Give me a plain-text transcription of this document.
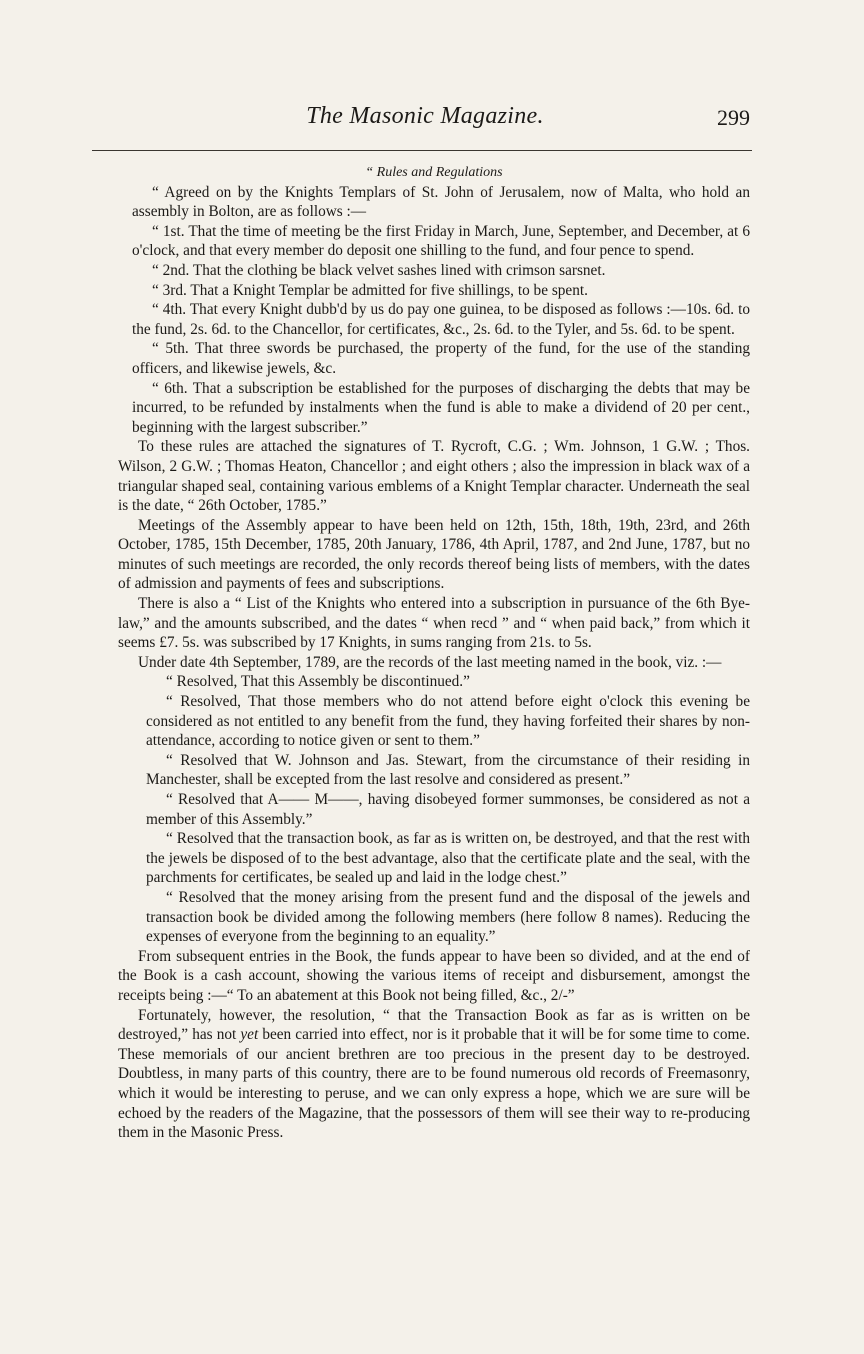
The Masonic Magazine.	299

“ Rules and Regulations

“ Agreed on by the Knights Templars of St. John of Jerusalem, now of Malta, who hold an assembly in Bolton, are as follows :—

“ 1st. That the time of meeting be the first Friday in March, June, September, and December, at 6 o'clock, and that every member do deposit one shilling to the fund, and four pence to spend.

“ 2nd. That the clothing be black velvet sashes lined with crimson sarsnet.

“ 3rd. That a Knight Templar be admitted for five shillings, to be spent.

“ 4th. That every Knight dubb'd by us do pay one guinea, to be disposed as follows :—10s. 6d. to the fund, 2s. 6d. to the Chancellor, for certificates, &c., 2s. 6d. to the Tyler, and 5s. 6d. to be spent.

“ 5th. That three swords be purchased, the property of the fund, for the use of the standing officers, and likewise jewels, &c.

“ 6th. That a subscription be established for the purposes of discharging the debts that may be incurred, to be refunded by instalments when the fund is able to make a dividend of 20 per cent., beginning with the largest subscriber.”

To these rules are attached the signatures of T. Rycroft, C.G. ; Wm. Johnson, 1 G.W. ; Thos. Wilson, 2 G.W. ; Thomas Heaton, Chancellor ; and eight others ; also the impression in black wax of a triangular shaped seal, containing various emblems of a Knight Templar character. Underneath the seal is the date, “ 26th October, 1785.”

Meetings of the Assembly appear to have been held on 12th, 15th, 18th, 19th, 23rd, and 26th October, 1785, 15th December, 1785, 20th January, 1786, 4th April, 1787, and 2nd June, 1787, but no minutes of such meetings are recorded, the only records thereof being lists of members, with the dates of admission and payments of fees and subscriptions.

There is also a “ List of the Knights who entered into a subscription in pursuance of the 6th Bye-law,” and the amounts subscribed, and the dates “ when recd ” and “ when paid back,” from which it seems £7. 5s. was subscribed by 17 Knights, in sums ranging from 21s. to 5s.

Under date 4th September, 1789, are the records of the last meeting named in the book, viz. :—

“ Resolved, That this Assembly be discontinued.”

“ Resolved, That those members who do not attend before eight o'clock this evening be considered as not entitled to any benefit from the fund, they having forfeited their shares by non-attendance, according to notice given or sent to them.”

“ Resolved that W. Johnson and Jas. Stewart, from the circumstance of their residing in Manchester, shall be excepted from the last resolve and considered as present.”

“ Resolved that A—— M——, having disobeyed former summonses, be considered as not a member of this Assembly.”

“ Resolved that the transaction book, as far as is written on, be destroyed, and that the rest with the jewels be disposed of to the best advantage, also that the certificate plate and the seal, with the parchments for certificates, be sealed up and laid in the lodge chest.”

“ Resolved that the money arising from the present fund and the disposal of the jewels and transaction book be divided among the following members (here follow 8 names). Reducing the expenses of everyone from the beginning to an equality.”

From subsequent entries in the Book, the funds appear to have been so divided, and at the end of the Book is a cash account, showing the various items of receipt and disbursement, amongst the receipts being :—“ To an abatement at this Book not being filled, &c., 2/-”

Fortunately, however, the resolution, “ that the Transaction Book as far as is written on be destroyed,” has not yet been carried into effect, nor is it probable that it will be for some time to come. These memorials of our ancient brethren are too precious in the present day to be destroyed. Doubtless, in many parts of this country, there are to be found numerous old records of Freemasonry, which it would be interesting to peruse, and we can only express a hope, which we are sure will be echoed by the readers of the Magazine, that the possessors of them will see their way to re-producing them in the Masonic Press.
